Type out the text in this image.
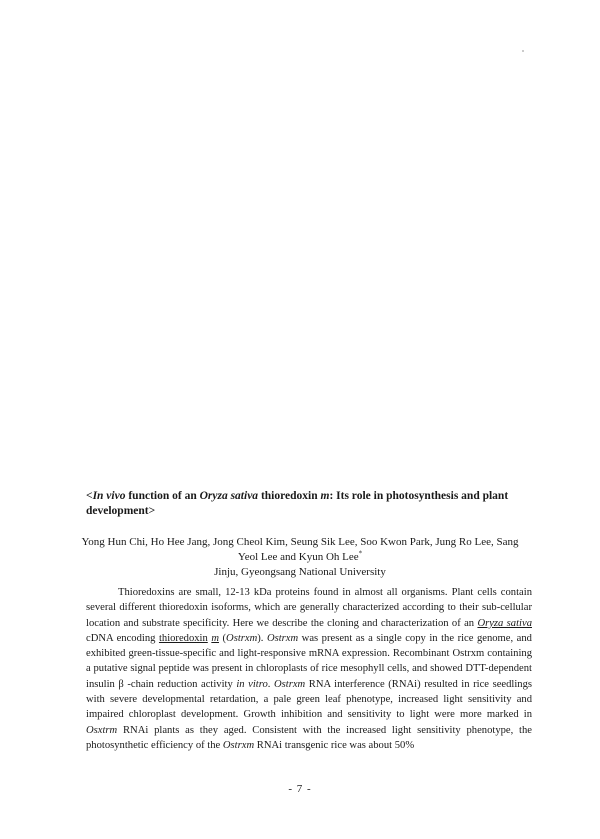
<In vivo function of an Oryza sativa thioredoxin m: Its role in photosynthesis and plant development>

Yong Hun Chi, Ho Hee Jang, Jong Cheol Kim, Seung Sik Lee, Soo Kwon Park, Jung Ro Lee, Sang Yeol Lee and Kyun Oh Lee*
Jinju, Gyeongsang National University

Thioredoxins are small, 12-13 kDa proteins found in almost all organisms. Plant cells contain several different thioredoxin isoforms, which are generally characterized according to their sub-cellular location and substrate specificity. Here we describe the cloning and characterization of an Oryza sativa cDNA encoding thioredoxin m (Ostrxm). Ostrxm was present as a single copy in the rice genome, and exhibited green-tissue-specific and light-responsive mRNA expression. Recombinant Ostrxm containing a putative signal peptide was present in chloroplasts of rice mesophyll cells, and showed DTT-dependent insulin β -chain reduction activity in vitro. Ostrxm RNA interference (RNAi) resulted in rice seedlings with severe developmental retardation, a pale green leaf phenotype, increased light sensitivity and impaired chloroplast development. Growth inhibition and sensitivity to light were more marked in Osxtrm RNAi plants as they aged. Consistent with the increased light sensitivity phenotype, the photosynthetic efficiency of the Ostrxm RNAi transgenic rice was about 50%

- 7 -
